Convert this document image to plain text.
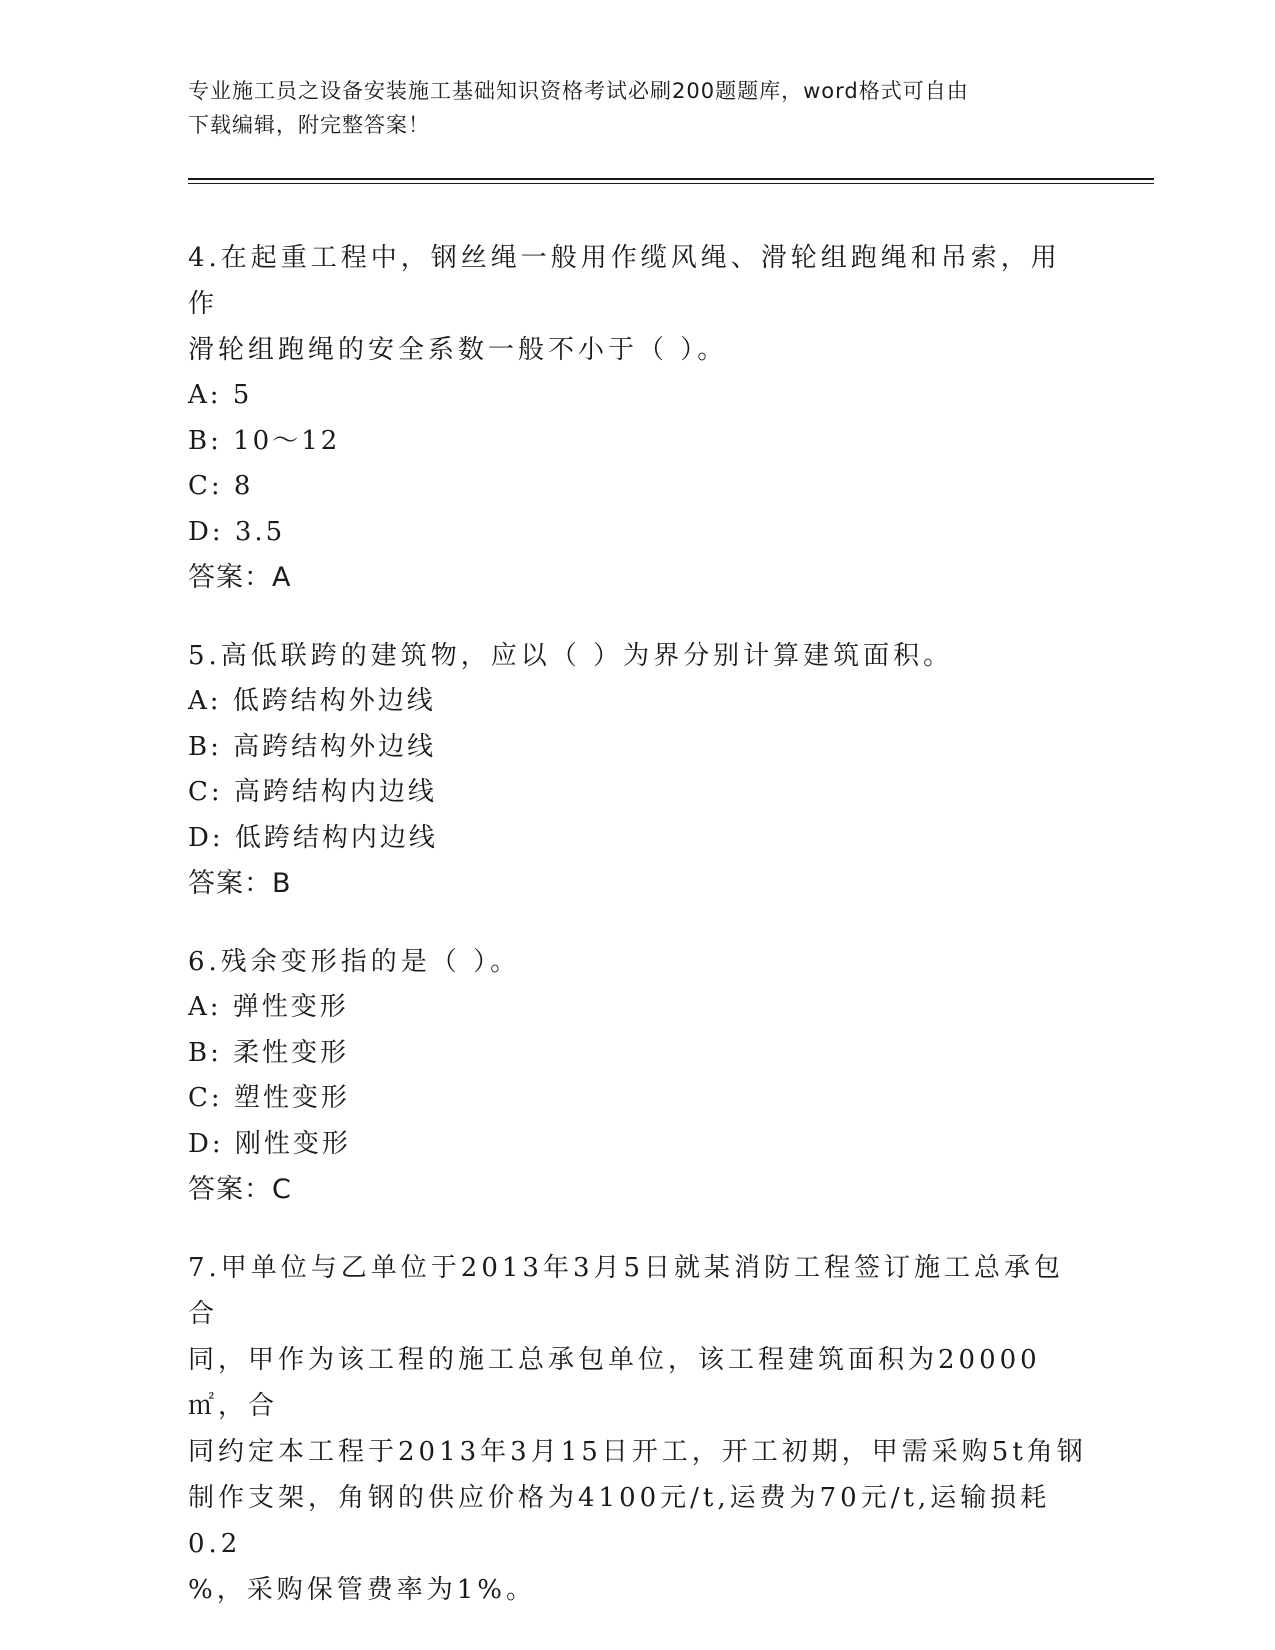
专业施工员之设备安装施工基础知识资格考试必刷200题题库，word格式可自由
下载编辑，附完整答案！

4.在起重工程中，钢丝绳一般用作缆风绳、滑轮组跑绳和吊索，用作
滑轮组跑绳的安全系数一般不小于（ ）。

A: 5

B: 10～12

C: 8

D: 3.5

答案：A

5.高低联跨的建筑物，应以（ ）为界分别计算建筑面积。

A: 低跨结构外边线

B: 高跨结构外边线

C: 高跨结构内边线

D: 低跨结构内边线

答案：B

6.残余变形指的是（ ）。

A: 弹性变形

B: 柔性变形

C: 塑性变形

D: 刚性变形

答案：C

7.甲单位与乙单位于2013年3月5日就某消防工程签订施工总承包合
同，甲作为该工程的施工总承包单位，该工程建筑面积为20000㎡，合
同约定本工程于2013年3月15日开工，开工初期，甲需采购5t角钢
制作支架，角钢的供应价格为4100元/t,运费为70元/t,运输损耗0.2
%，采购保管费率为1%。
